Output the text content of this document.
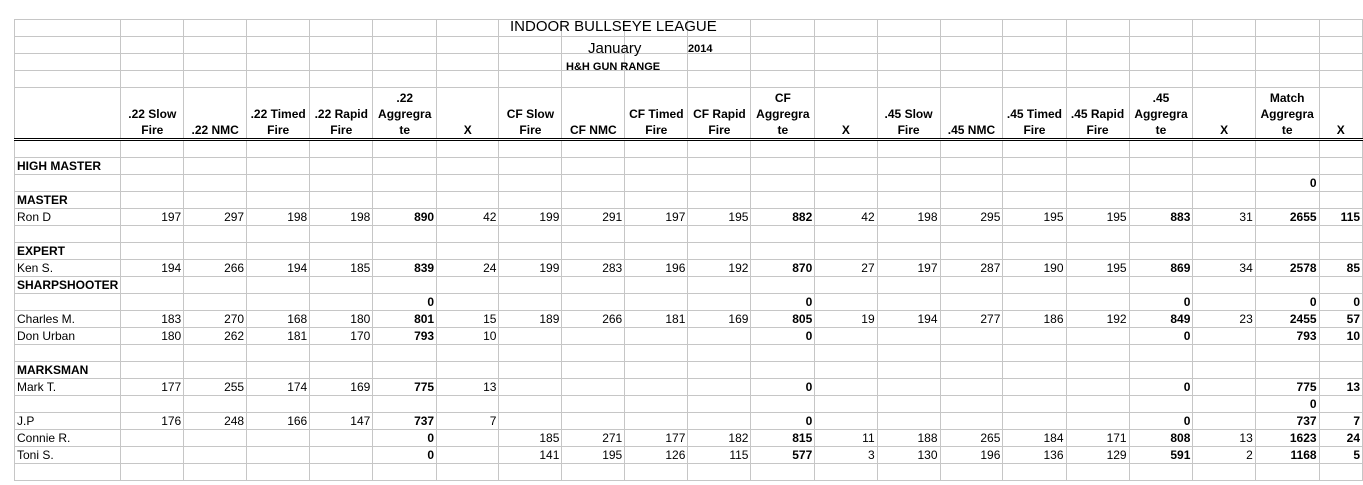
	.22 Slow Fire	.22 NMC	.22 Timed Fire	.22 Rapid Fire	.22 Aggregra te	X	CF Slow Fire	CF NMC	CF Timed Fire	CF Rapid Fire	CF Aggregra te	X	.45 Slow Fire	.45 NMC	.45 Timed Fire	.45 Rapid Fire	.45 Aggregra te	X	Match Aggregra te	X

HIGH MASTER																				
																			0	
MASTER																				
Ron D	197	297	198	198	890	42	199	291	197	195	882	42	198	295	195	195	883	31	2655	115

EXPERT																				
Ken S.	194	266	194	185	839	24	199	283	196	192	870	27	197	287	190	195	869	34	2578	85
SHARPSHOOTER																				
					0						0						0		0	0
Charles M.	183	270	168	180	801	15	189	266	181	169	805	19	194	277	186	192	849	23	2455	57
Don Urban	180	262	181	170	793	10					0						0		793	10

MARKSMAN																				
Mark T.	177	255	174	169	775	13					0						0		775	13
																			0	
J.P	176	248	166	147	737	7					0						0		737	7
Connie R.					0		185	271	177	182	815	11	188	265	184	171	808	13	1623	24
Toni S.					0		141	195	126	115	577	3	130	196	136	129	591	2	1168	5

INDOOR BULLSEYE LEAGUE
January	2014
H&H GUN RANGE
